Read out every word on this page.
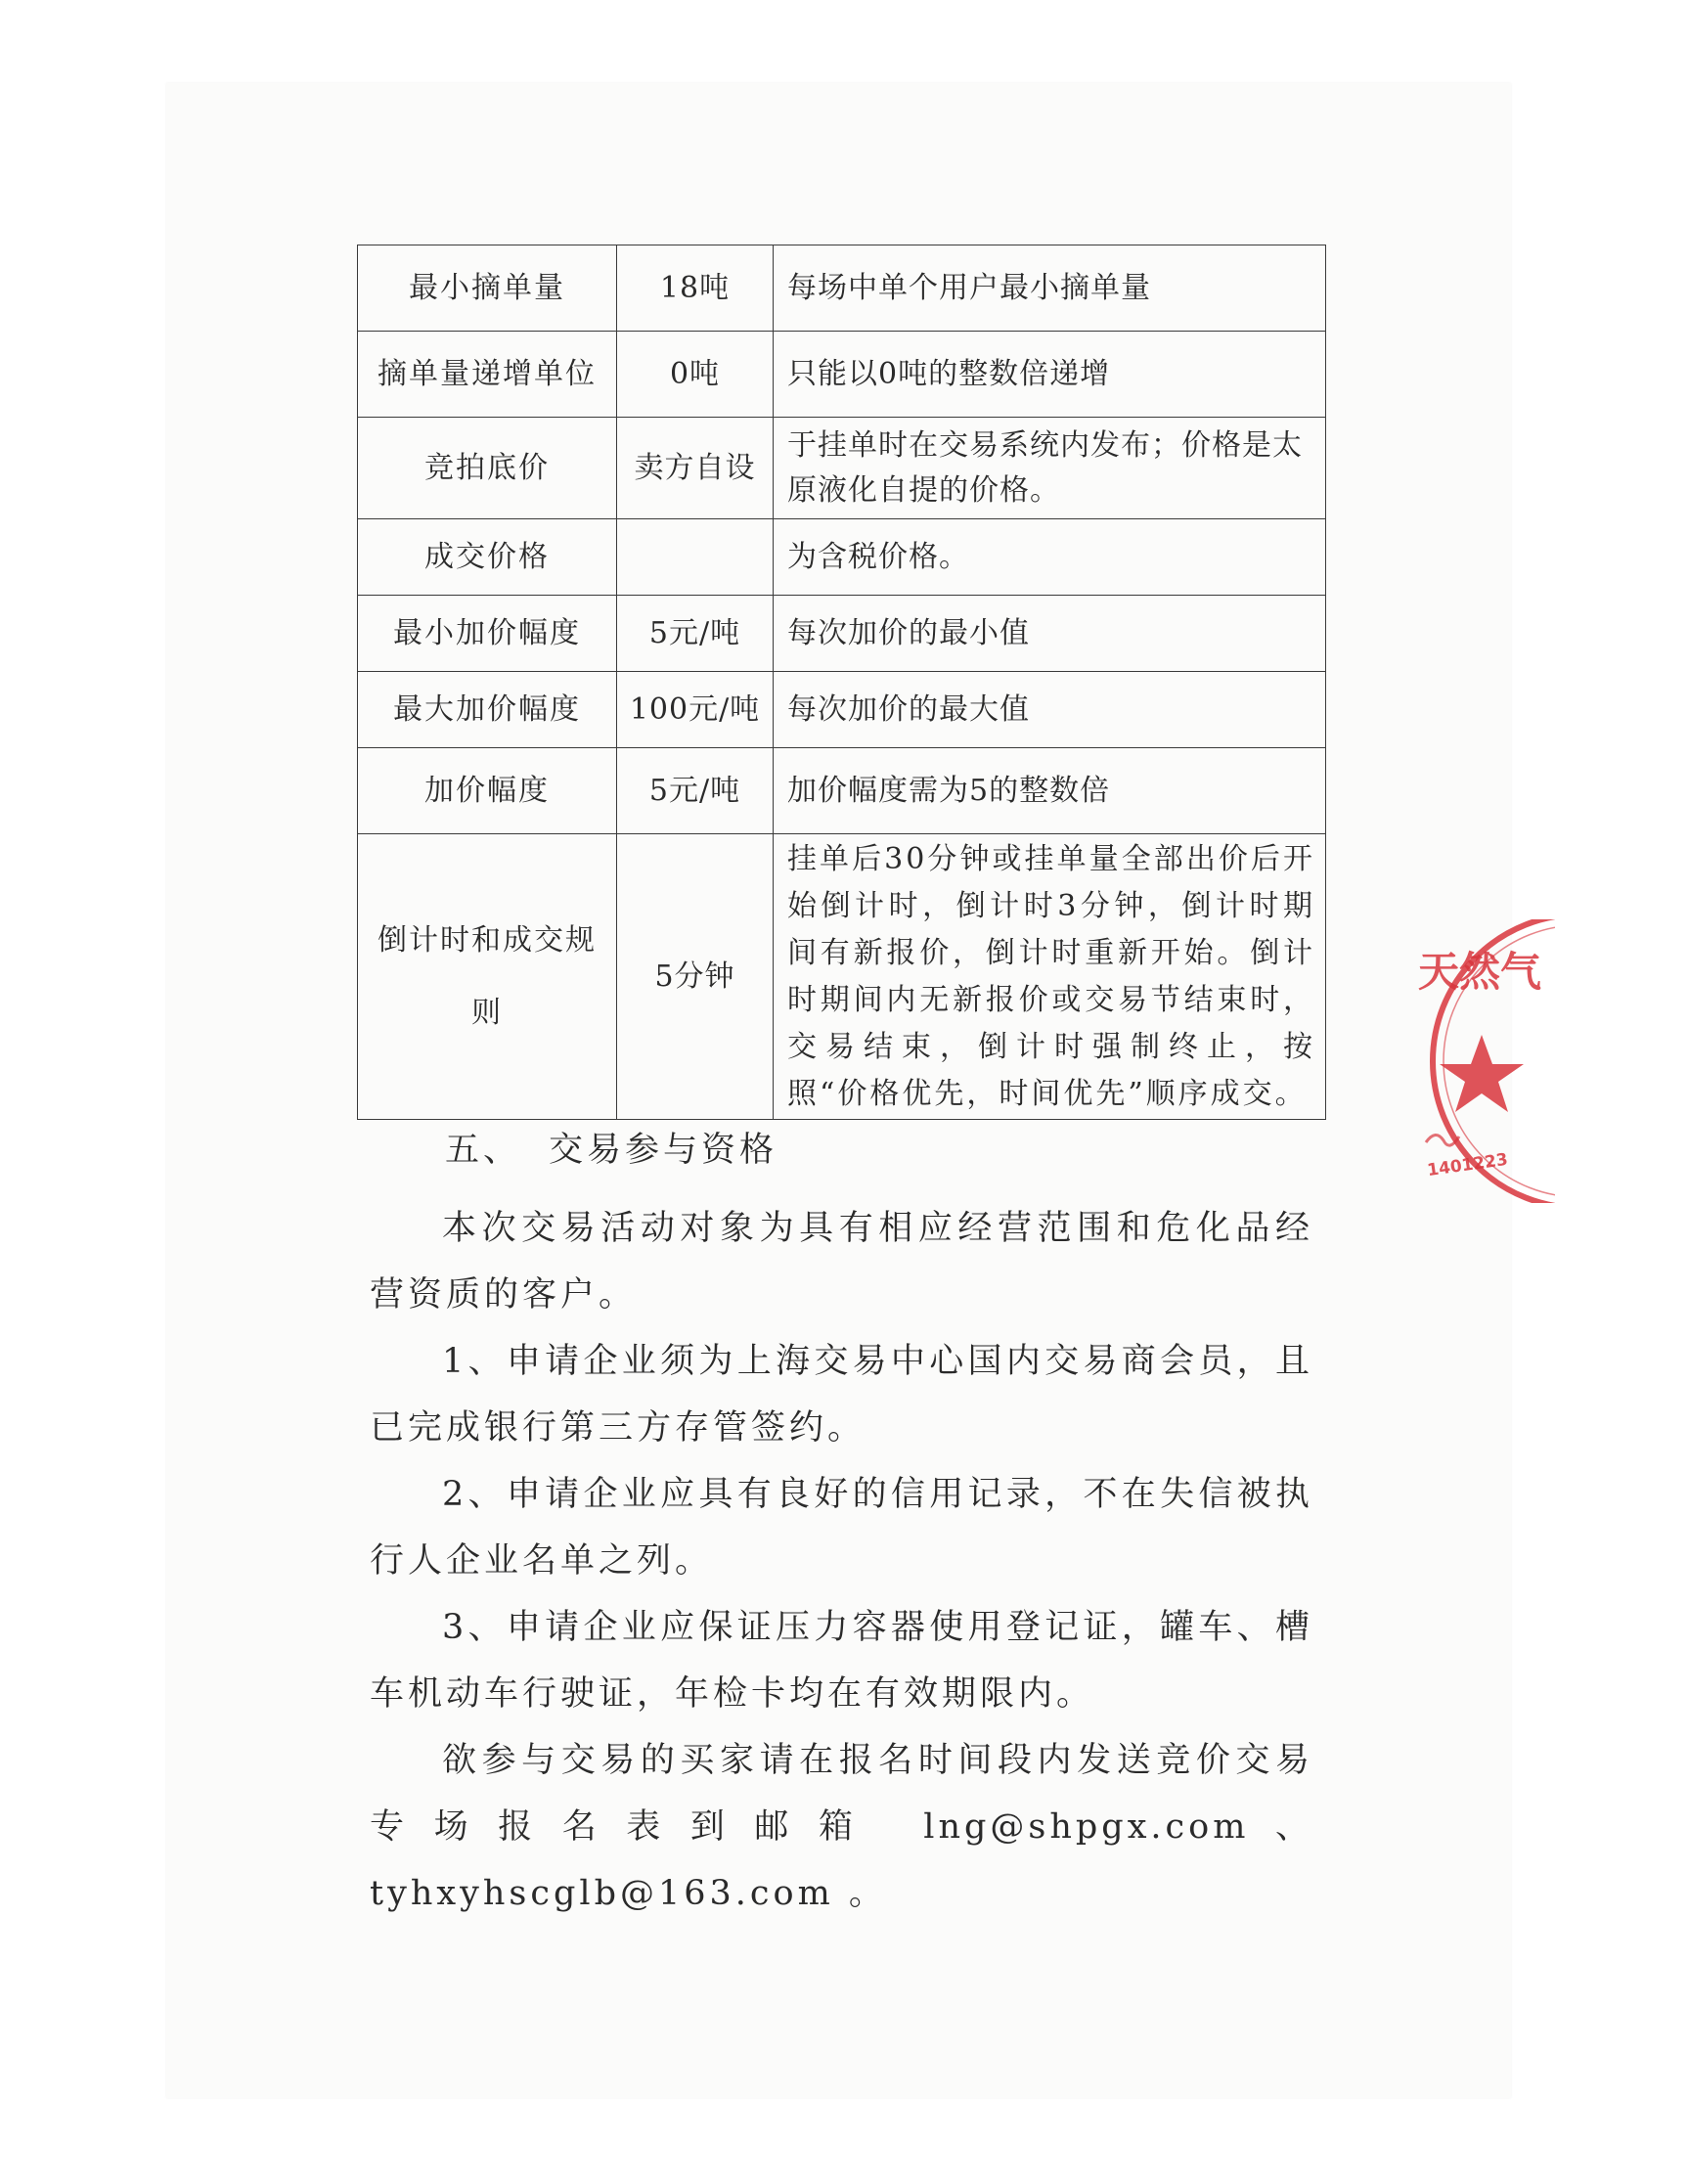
最小摘单量	18吨	每场中单个用户最小摘单量
摘单量递增单位	0吨	只能以0吨的整数倍递增
竞拍底价	卖方自设	于挂单时在交易系统内发布；价格是太原液化自提的价格。
成交价格		为含税价格。
最小加价幅度	5元/吨	每次加价的最小值
最大加价幅度	100元/吨	每次加价的最大值
加价幅度	5元/吨	加价幅度需为5的整数倍
倒计时和成交规则	5分钟	挂单后30分钟或挂单量全部出价后开始倒计时，倒计时3分钟，倒计时期间有新报价，倒计时重新开始。倒计时期间内无新报价或交易节结束时，交易结束，倒计时强制终止，按照“价格优先，时间优先”顺序成交。
五、 交易参与资格

本次交易活动对象为具有相应经营范围和危化品经营资质的客户。

1、申请企业须为上海交易中心国内交易商会员，且已完成银行第三方存管签约。

2、申请企业应具有良好的信用记录，不在失信被执行人企业名单之列。

3、申请企业应保证压力容器使用登记证，罐车、槽车机动车行驶证，年检卡均在有效期限内。

欲参与交易的买家请在报名时间段内发送竞价交易专场报名表到邮箱 lng@shpgx.com、tyhxyhscglb@163.com 。

天然气
1401223
